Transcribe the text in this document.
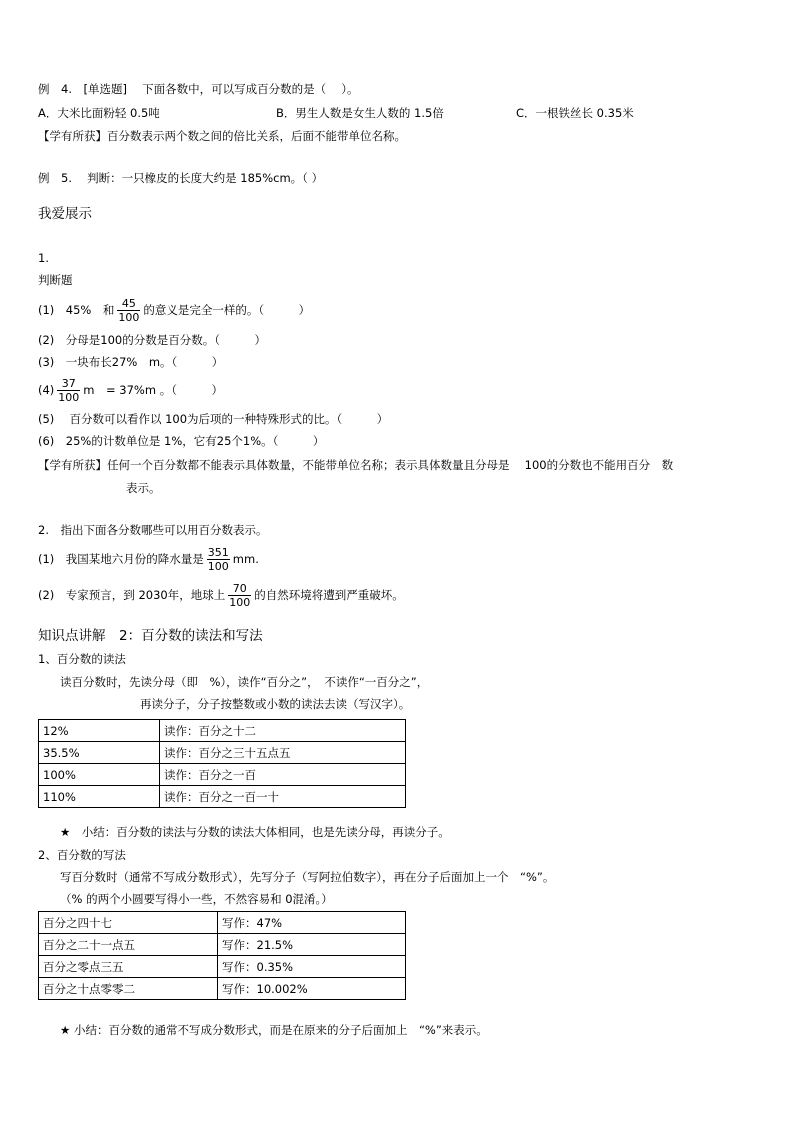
例　4.　[单选题]　 下面各数中，可以写成百分数的是（　 ）。
A．大米比面粉轻 0.5吨	B．男生人数是女生人数的 1.5倍	C．一根铁丝长 0.35米
【学有所获】百分数表示两个数之间的倍比关系，后面不能带单位名称。
例　5.　 判断：一只橡皮的长度大约是 185%cm。（ ）
我爱展示
1.
判断题
(1)　45%　和 $\frac{45}{100}$ 的意义是完全一样的。（　　　）
(2)　分母是100的分数是百分数。（　　　）
(3)　一块布长27%　m。（　　　）
$(4) \frac{37}{100}$ m　= 37%m 。（　　　）
(5)　 百分数可以看作以 100为后项的一种特殊形式的比。（　　　）
(6)　25%的计数单位是 1%，它有25个1%。（　　　）
【学有所获】任何一个百分数都不能表示具体数量，不能带单位名称；表示具体数量且分母是　 100的分数也不能用百分　数
表示。
2.　指出下面各分数哪些可以用百分数表示。
(1)　我国某地六月份的降水量是 $\frac{351}{100}$ mm.
(2)　专家预言，到 2030年，地球上 $\frac{70}{100}$ 的自然环境将遭到严重破坏。
知识点讲解　2：百分数的读法和写法
1、百分数的读法
读百分数时，先读分母（即　%），读作“百分之”，　不读作“一百分之”，
再读分子，分子按整数或小数的读法去读（写汉字）。
12%	读作：百分之十二
35.5%	读作：百分之三十五点五
100%	读作：百分之一百
110%	读作：百分之一百一十
★　小结：百分数的读法与分数的读法大体相同，也是先读分母，再读分子。
2、百分数的写法
写百分数时（通常不写成分数形式），先写分子（写阿拉伯数字），再在分子后面加上一个　“%”。
（% 的两个小圆要写得小一些，不然容易和 0混淆。）
百分之四十七	写作：47%
百分之二十一点五	写作：21.5%
百分之零点三五	写作：0.35%
百分之十点零零二	写作：10.002%
★ 小结：百分数的通常不写成分数形式，而是在原来的分子后面加上　“%”来表示。
